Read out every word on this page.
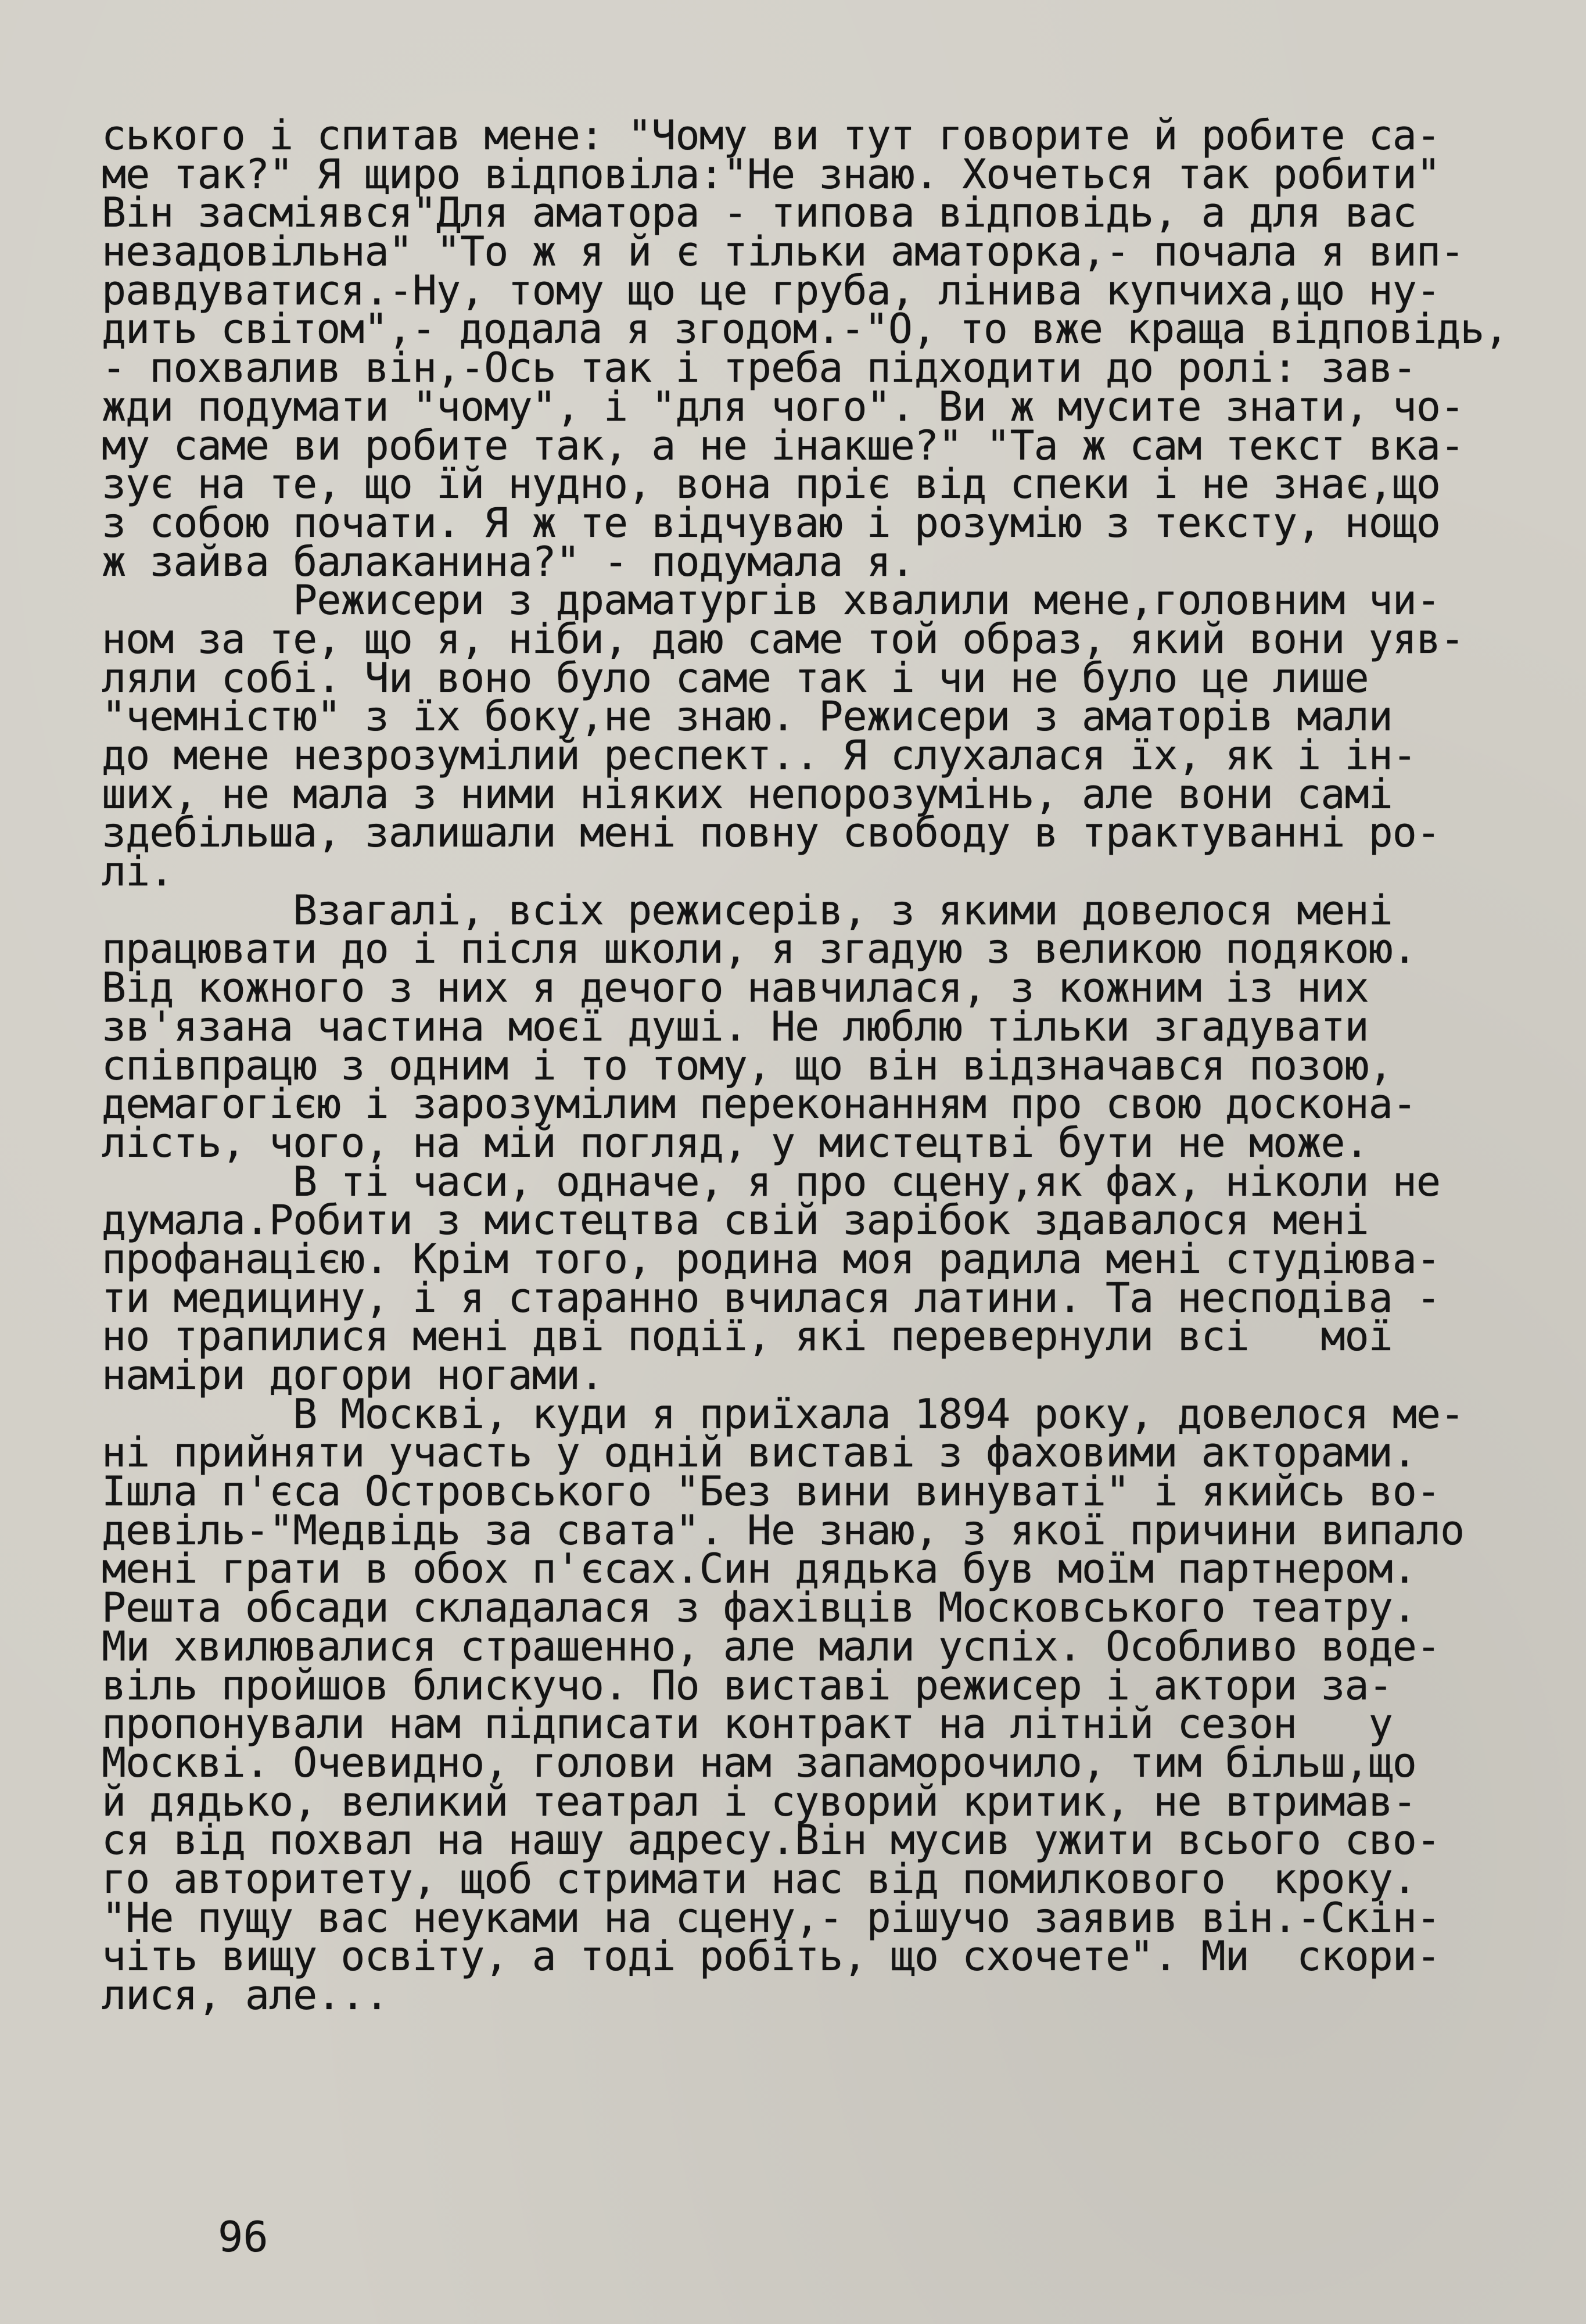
ського і спитав мене: "Чому ви тут говорите й робите са-
ме так?" Я щиро відповіла:"Не знаю. Хочеться так робити"
Він засміявся"Для аматора - типова відповідь, а для вас
незадовільна" "То ж я й є тільки аматорка,- почала я вип-
равдуватися.-Ну, тому що це груба, лінива купчиха,що ну-
дить світом",- додала я згодом.-"О, то вже краща відповідь,
- похвалив він,-Ось так і треба підходити до ролі: зав-
жди подумати "чому", і "для чого". Ви ж мусите знати, чо-
му саме ви робите так, а не інакше?" "Та ж сам текст вка-
зує на те, що їй нудно, вона пріє від спеки і не знає,що
з собою почати. Я ж те відчуваю і розумію з тексту, нощо
ж зайва балаканина?" - подумала я.
Режисери з драматургів хвалили мене,головним чи-
ном за те, що я, ніби, даю саме той образ, який вони уяв-
ляли собі. Чи воно було саме так і чи не було це лише
"чемністю" з їх боку,не знаю. Режисери з аматорів мали
до мене незрозумілий респект.. Я слухалася їх, як і ін-
ших, не мала з ними ніяких непорозумінь, але вони самі
здебільша, залишали мені повну свободу в трактуванні ро-
лі.
Взагалі, всіх режисерів, з якими довелося мені
працювати до і після школи, я згадую з великою подякою.
Від кожного з них я дечого навчилася, з кожним із них
зв'язана частина моєї душі. Не люблю тільки згадувати
співпрацю з одним і то тому, що він відзначався позою,
демагогією і зарозумілим переконанням про свою доскона-
лість, чого, на мій погляд, у мистецтві бути не може.
В ті часи, одначе, я про сцену,як фах, ніколи не
думала.Робити з мистецтва свій зарібок здавалося мені
профанацією. Крім того, родина моя радила мені студіюва-
ти медицину, і я старанно вчилася латини. Та несподівa -
но трапилися мені дві події, які перевернули всі   мої
наміри догори ногами.
В Москві, куди я приїхала 1894 року, довелося ме-
ні прийняти участь у одній виставі з фаховими акторами.
Ішла п'єса Островського "Без вини винуваті" і якийсь во-
девіль-"Медвідь за свата". Не знаю, з якої причини випало
мені грати в обох п'єсах.Син дядька був моїм партнером.
Решта обсади складалася з фахівців Московського театру.
Ми хвилювалися страшенно, але мали успіх. Особливо воде-
віль пройшов блискучо. По виставі режисер і актори за-
пропонували нам підписати контракт на літній сезон   у
Москві. Очевидно, голови нам запаморочило, тим більш,що
й дядько, великий театрал і суворий критик, не втримав-
ся від похвал на нашу адресу.Він мусив ужити всього сво-
го авторитету, щоб стримати нас від помилкового  кроку.
"Не пущу вас неуками на сцену,- рішучо заявив він.-Скін-
чіть вищу освіту, а тоді робіть, що схочете". Ми  скори-
лися, але...
96
